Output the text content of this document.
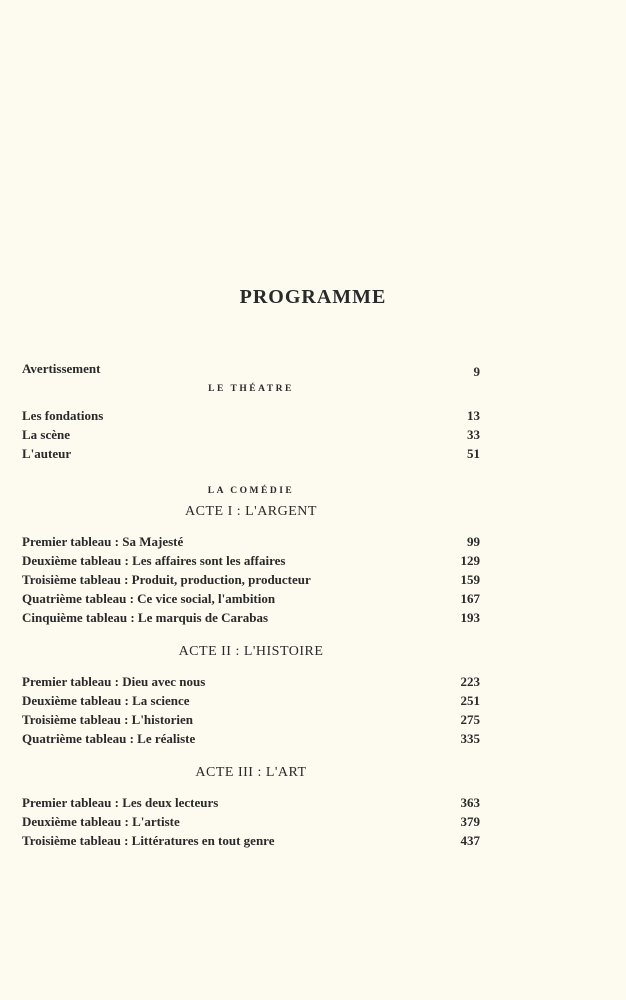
PROGRAMME
Avertissement	9
LE THÉATRE
Les fondations	13
La scène	33
L'auteur	51
LA COMÉDIE
ACTE I : L'ARGENT
Premier tableau : Sa Majesté	99
Deuxième tableau : Les affaires sont les affaires	129
Troisième tableau : Produit, production, producteur	159
Quatrième tableau : Ce vice social, l'ambition	167
Cinquième tableau : Le marquis de Carabas	193
ACTE II : L'HISTOIRE
Premier tableau : Dieu avec nous	223
Deuxième tableau : La science	251
Troisième tableau : L'historien	275
Quatrième tableau : Le réaliste	335
ACTE III : L'ART
Premier tableau : Les deux lecteurs	363
Deuxième tableau : L'artiste	379
Troisième tableau : Littératures en tout genre	437
